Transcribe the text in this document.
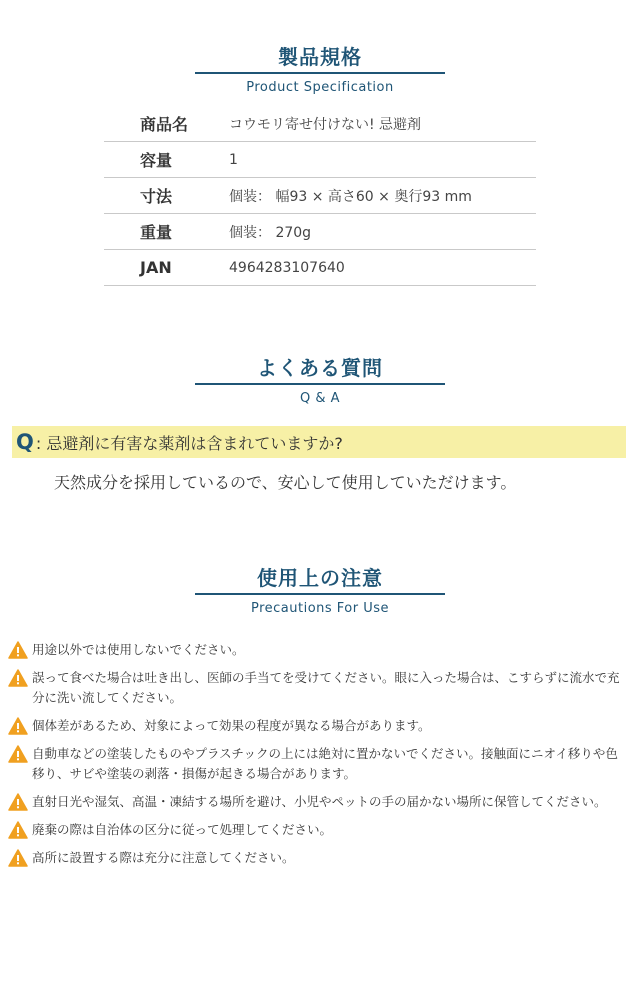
製品規格
Product Specification
商品名	コウモリ寄せ付けない! 忌避剤
容量	1
寸法	個装： 幅93 × 高さ60 × 奥行93 mm
重量	個装： 270g
JAN	4964283107640
よくある質問
Q & A
Q : 忌避剤に有害な薬剤は含まれていますか?
天然成分を採用しているので、安心して使用していただけます。
使用上の注意
Precautions For Use
用途以外では使用しないでください。
誤って食べた場合は吐き出し、医師の手当てを受けてください。眼に入った場合は、こすらずに流水で充分に洗い流してください。
個体差があるため、対象によって効果の程度が異なる場合があります。
自動車などの塗装したものやプラスチックの上には絶対に置かないでください。接触面にニオイ移りや色移り、サビや塗装の剥落・損傷が起きる場合があります。
直射日光や湿気、高温・凍結する場所を避け、小児やペットの手の届かない場所に保管してください。
廃棄の際は自治体の区分に従って処理してください。
高所に設置する際は充分に注意してください。
